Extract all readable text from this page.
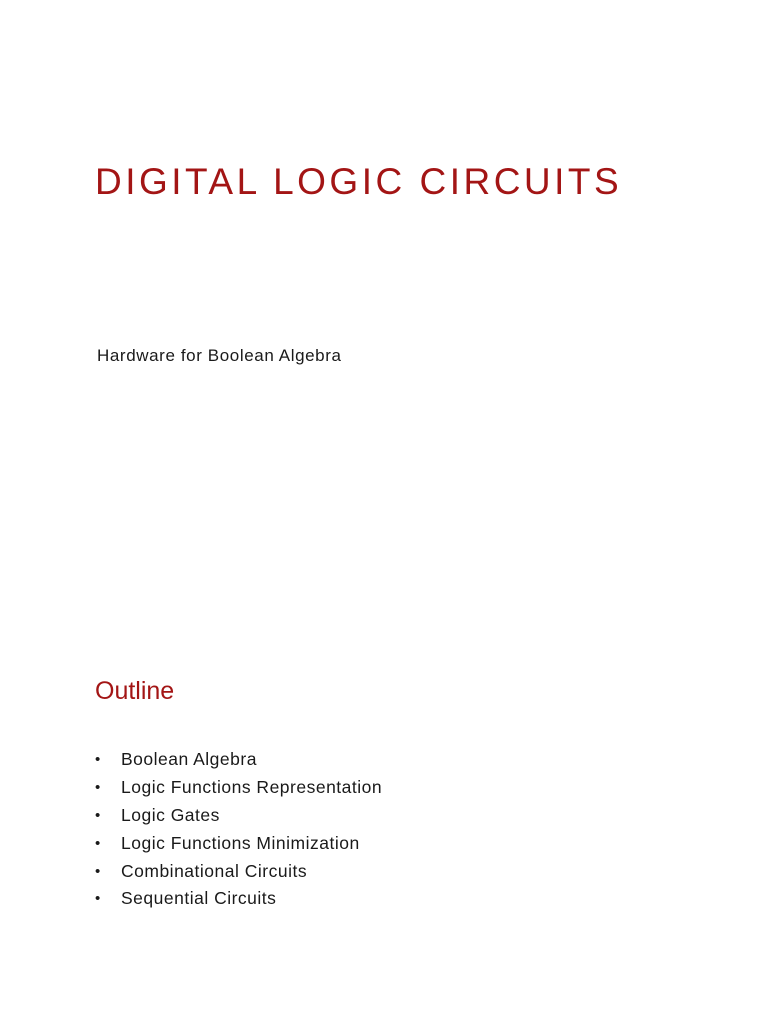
DIGITAL LOGIC CIRCUITS

Hardware for Boolean Algebra

Outline
•	Boolean Algebra
•	Logic Functions Representation
•	Logic Gates
•	Logic Functions Minimization
•	Combinational Circuits
•	Sequential Circuits
